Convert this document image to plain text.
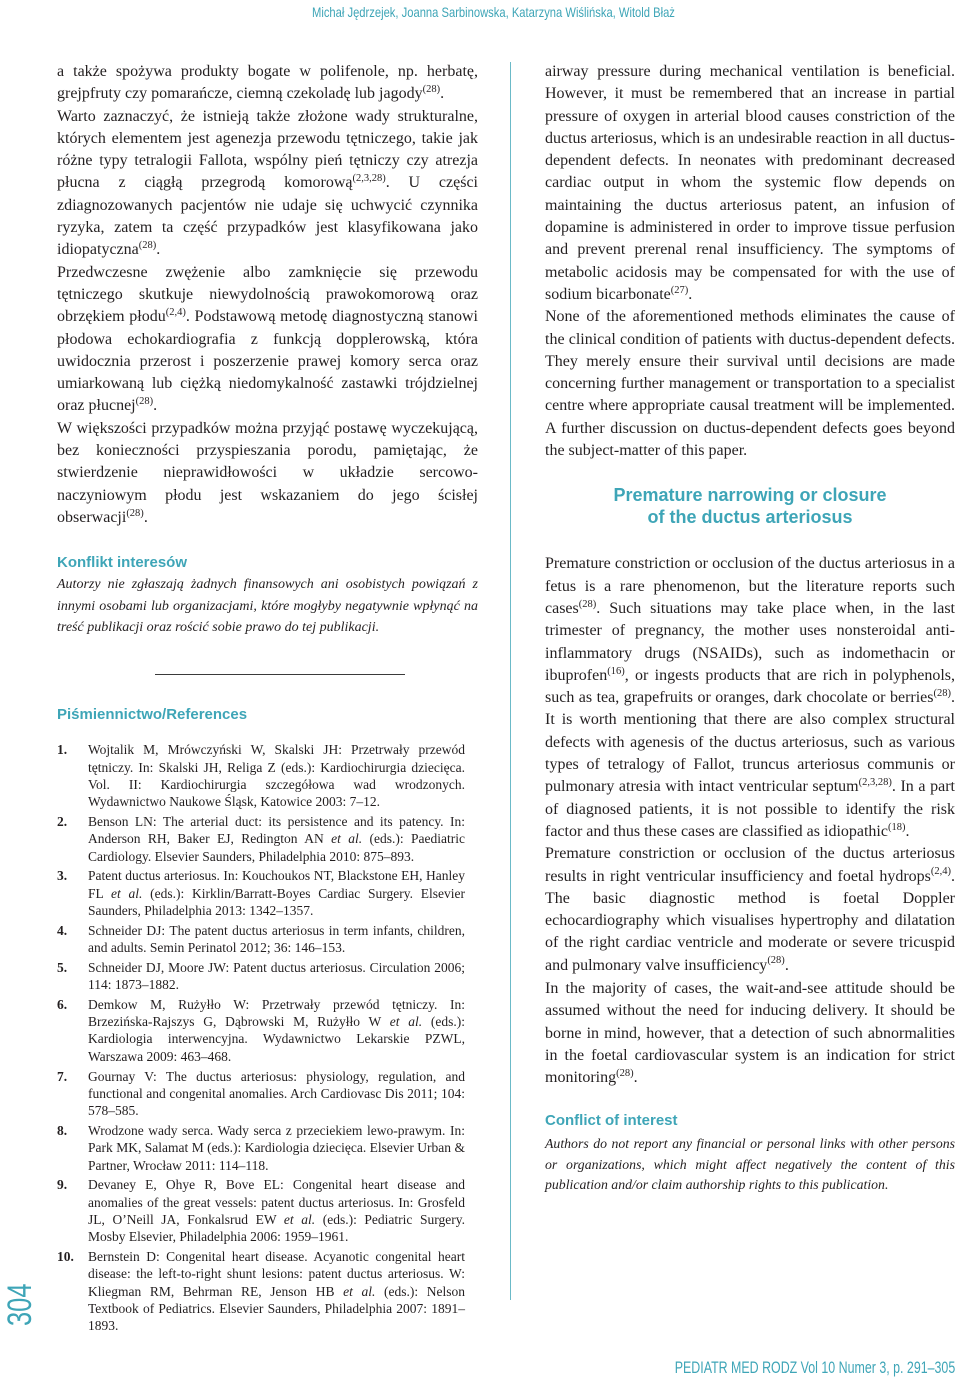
Michał Jędrzejek, Joanna Sarbinowska, Katarzyna Wiślińska, Witold Błaż

a także spożywa produkty bogate w polifenole, np. herbatę, grejpfruty czy pomarańcze, ciemną czekoladę lub jagody$^{(28)}$.

Warto zaznaczyć, że istnieją także złożone wady strukturalne, których elementem jest agenezja przewodu tętniczego, takie jak różne typy tetralogii Fallota, wspólny pień tętniczy czy atrezja płucna z ciągłą przegrodą komorową$^{(2,3,28)}$. U części zdiagnozowanych pacjentów nie udaje się uchwycić czynnika ryzyka, zatem ta część przypadków jest klasyfikowana jako idiopatyczna$^{(28)}$.

Przedwczesne zwężenie albo zamknięcie się przewodu tętniczego skutkuje niewydolnością prawokomorową oraz obrzękiem płodu$^{(2,4)}$. Podstawową metodę diagnostyczną stanowi płodowa echokardiografia z funkcją dopplerowską, która uwidocznia przerost i poszerzenie prawej komory serca oraz umiarkowaną lub ciężką niedomykalność zastawki trójdzielnej oraz płucnej$^{(28)}$.

W większości przypadków można przyjąć postawę wyczekującą, bez konieczności przyspieszania porodu, pamiętając, że stwierdzenie nieprawidłowości w układzie sercowo-naczyniowym płodu jest wskazaniem do jego ścisłej obserwacji$^{(28)}$.

Konflikt interesów

Autorzy nie zgłaszają żadnych finansowych ani osobistych powiązań z innymi osobami lub organizacjami, które mogłyby negatywnie wpłynąć na treść publikacji oraz rościć sobie prawo do tej publikacji.

Piśmiennictwo/References
1.	Wojtalik M, Mrówczyński W, Skalski JH: Przetrwały przewód tętniczy. In: Skalski JH, Religa Z (eds.): Kardiochirurgia dziecięca. Vol. II: Kardiochirurgia szczegółowa wad wrodzonych. Wydawnictwo Naukowe Śląsk, Katowice 2003: 7–12.
2.	Benson LN: The arterial duct: its persistence and its patency. In: Anderson RH, Baker EJ, Redington AN et al. (eds.): Paediatric Cardiology. Elsevier Saunders, Philadelphia 2010: 875–893.
3.	Patent ductus arteriosus. In: Kouchoukos NT, Blackstone EH, Hanley FL et al. (eds.): Kirklin/Barratt-Boyes Cardiac Surgery. Elsevier Saunders, Philadelphia 2013: 1342–1357.
4.	Schneider DJ: The patent ductus arteriosus in term infants, children, and adults. Semin Perinatol 2012; 36: 146–153.
5.	Schneider DJ, Moore JW: Patent ductus arteriosus. Circulation 2006; 114: 1873–1882.
6.	Demkow M, Rużyłło W: Przetrwały przewód tętniczy. In: Brzezińska-Rajszys G, Dąbrowski M, Rużyłło W et al. (eds.): Kardiologia interwencyjna. Wydawnictwo Lekarskie PZWL, Warszawa 2009: 463–468.
7.	Gournay V: The ductus arteriosus: physiology, regulation, and functional and congenital anomalies. Arch Cardiovasc Dis 2011; 104: 578–585.
8.	Wrodzone wady serca. Wady serca z przeciekiem lewo-prawym. In: Park MK, Salamat M (eds.): Kardiologia dziecięca. Elsevier Urban & Partner, Wrocław 2011: 114–118.
9.	Devaney E, Ohye R, Bove EL: Congenital heart disease and anomalies of the great vessels: patent ductus arteriosus. In: Grosfeld JL, O’Neill JA, Fonkalsrud EW et al. (eds.): Pediatric Surgery. Mosby Elsevier, Philadelphia 2006: 1959–1961.
10.	Bernstein D: Congenital heart disease. Acyanotic congenital heart disease: the left-to-right shunt lesions: patent ductus arteriosus. W: Kliegman RM, Behrman RE, Jenson HB et al. (eds.): Nelson Textbook of Pediatrics. Elsevier Saunders, Philadelphia 2007: 1891–1893.

airway pressure during mechanical ventilation is beneficial. However, it must be remembered that an increase in partial pressure of oxygen in arterial blood causes constriction of the ductus arteriosus, which is an undesirable reaction in all ductus-dependent defects. In neonates with predominant decreased cardiac output in whom the systemic flow depends on maintaining the ductus arteriosus patent, an infusion of dopamine is administered in order to improve tissue perfusion and prevent prerenal renal insufficiency. The symptoms of metabolic acidosis may be compensated for with the use of sodium bicarbonate$^{(27)}$.

None of the aforementioned methods eliminates the cause of the clinical condition of patients with ductus-dependent defects. They merely ensure their survival until decisions are made concerning further management or transportation to a specialist centre where appropriate causal treatment will be implemented. A further discussion on ductus-dependent defects goes beyond the subject-matter of this paper.

Premature narrowing or closure
of the ductus arteriosus

Premature constriction or occlusion of the ductus arteriosus in a fetus is a rare phenomenon, but the literature reports such cases$^{(28)}$. Such situations may take place when, in the last trimester of pregnancy, the mother uses nonsteroidal anti-inflammatory drugs (NSAIDs), such as indomethacin or ibuprofen$^{(16)}$, or ingests products that are rich in polyphenols, such as tea, grapefruits or oranges, dark chocolate or berries$^{(28)}$. It is worth mentioning that there are also complex structural defects with agenesis of the ductus arteriosus, such as various types of tetralogy of Fallot, truncus arteriosus communis or pulmonary atresia with intact ventricular septum$^{(2,3,28)}$. In a part of diagnosed patients, it is not possible to identify the risk factor and thus these cases are classified as idiopathic$^{(18)}$.

Premature constriction or occlusion of the ductus arteriosus results in right ventricular insufficiency and foetal hydrops$^{(2,4)}$. The basic diagnostic method is foetal Doppler echocardiography which visualises hypertrophy and dilatation of the right cardiac ventricle and moderate or severe tricuspid and pulmonary valve insufficiency$^{(28)}$.

In the majority of cases, the wait-and-see attitude should be assumed without the need for inducing delivery. It should be borne in mind, however, that a detection of such abnormalities in the foetal cardiovascular system is an indication for strict monitoring$^{(28)}$.

Conflict of interest

Authors do not report any financial or personal links with other persons or organizations, which might affect negatively the content of this publication and/or claim authorship rights to this publication.

304
PEDIATR MED RODZ Vol 10 Numer 3, p. 291–305
